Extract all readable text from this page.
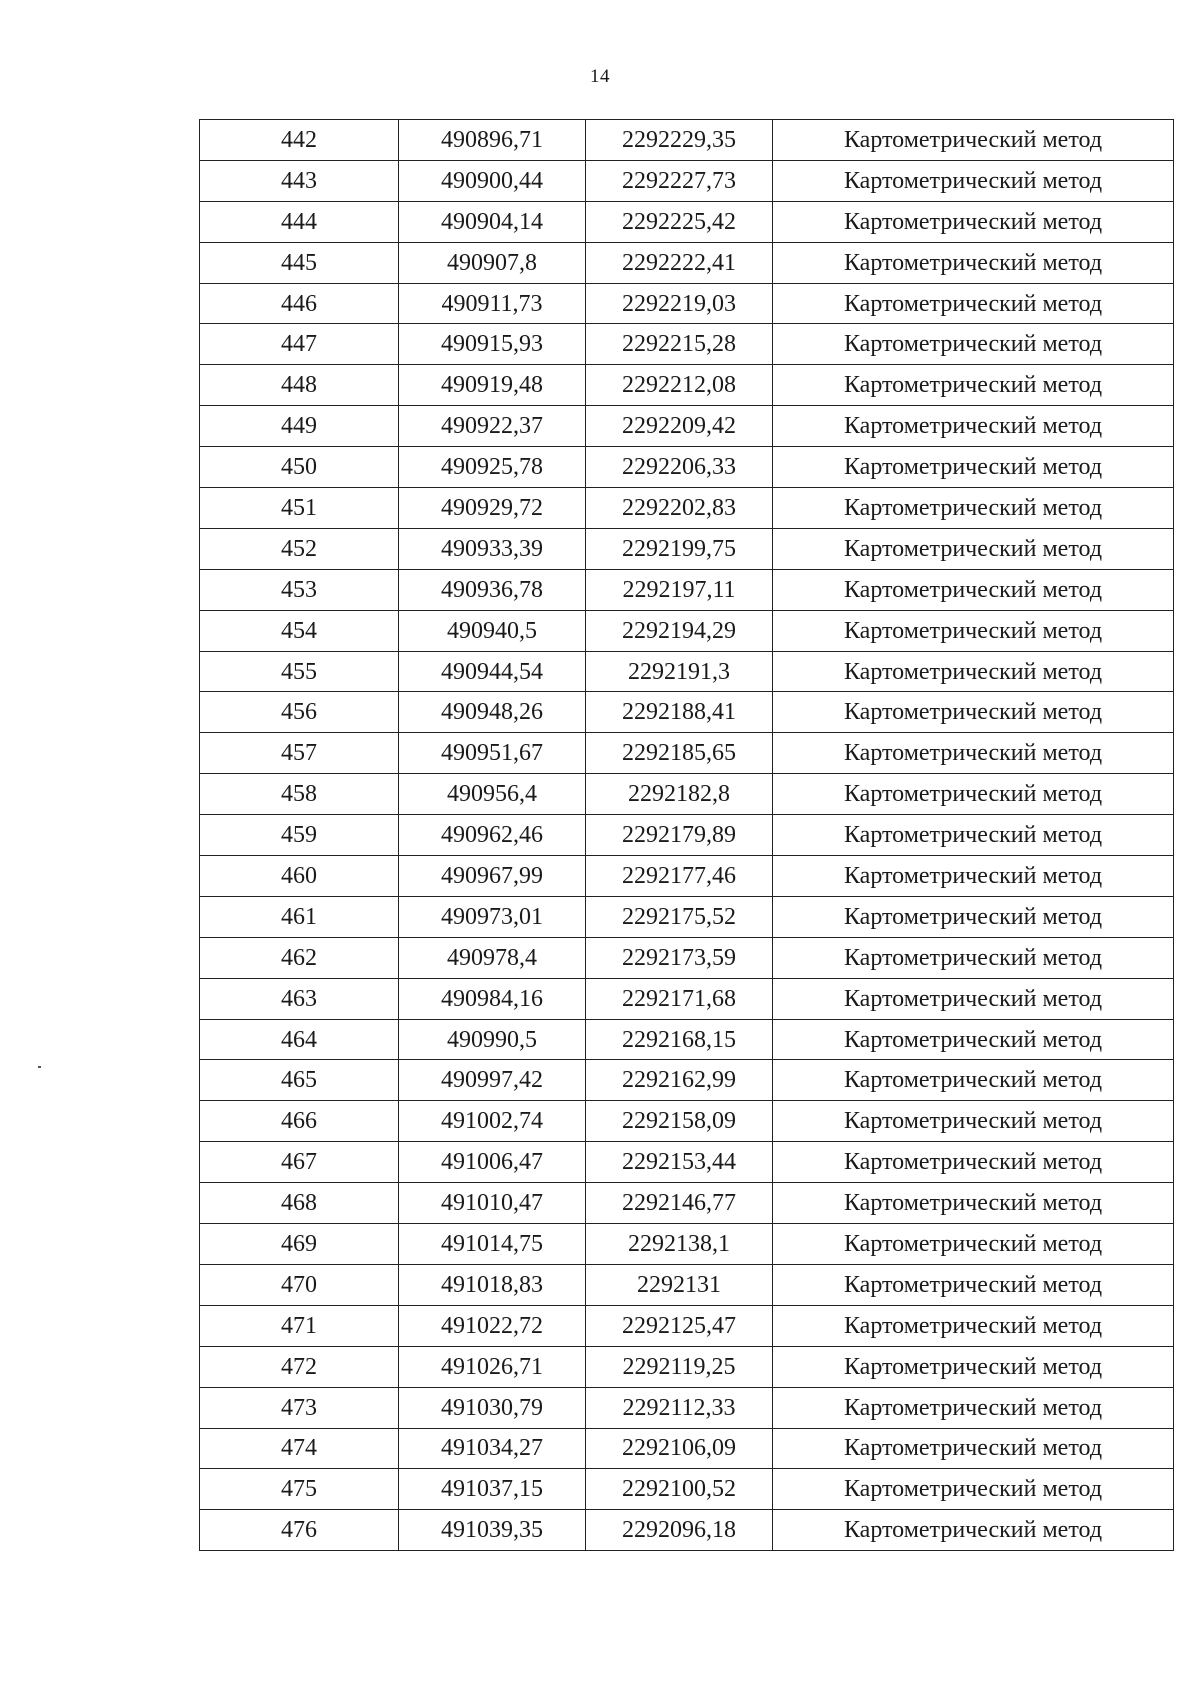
14
442	490896,71	2292229,35	Картометрический метод
443	490900,44	2292227,73	Картометрический метод
444	490904,14	2292225,42	Картометрический метод
445	490907,8	2292222,41	Картометрический метод
446	490911,73	2292219,03	Картометрический метод
447	490915,93	2292215,28	Картометрический метод
448	490919,48	2292212,08	Картометрический метод
449	490922,37	2292209,42	Картометрический метод
450	490925,78	2292206,33	Картометрический метод
451	490929,72	2292202,83	Картометрический метод
452	490933,39	2292199,75	Картометрический метод
453	490936,78	2292197,11	Картометрический метод
454	490940,5	2292194,29	Картометрический метод
455	490944,54	2292191,3	Картометрический метод
456	490948,26	2292188,41	Картометрический метод
457	490951,67	2292185,65	Картометрический метод
458	490956,4	2292182,8	Картометрический метод
459	490962,46	2292179,89	Картометрический метод
460	490967,99	2292177,46	Картометрический метод
461	490973,01	2292175,52	Картометрический метод
462	490978,4	2292173,59	Картометрический метод
463	490984,16	2292171,68	Картометрический метод
464	490990,5	2292168,15	Картометрический метод
465	490997,42	2292162,99	Картометрический метод
466	491002,74	2292158,09	Картометрический метод
467	491006,47	2292153,44	Картометрический метод
468	491010,47	2292146,77	Картометрический метод
469	491014,75	2292138,1	Картометрический метод
470	491018,83	2292131	Картометрический метод
471	491022,72	2292125,47	Картометрический метод
472	491026,71	2292119,25	Картометрический метод
473	491030,79	2292112,33	Картометрический метод
474	491034,27	2292106,09	Картометрический метод
475	491037,15	2292100,52	Картометрический метод
476	491039,35	2292096,18	Картометрический метод
